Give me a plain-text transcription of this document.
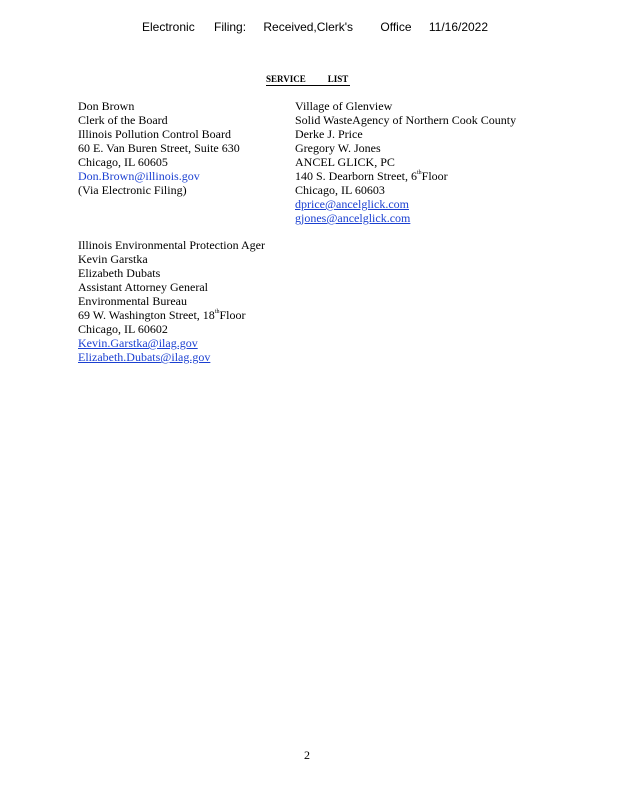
Electronic Filing: Received,Clerk's Office 11/16/2022
SERVICE LIST
Don Brown
Clerk of the Board
Illinois Pollution Control Board
60 E. Van Buren Street, Suite 630
Chicago, IL 60605
Don.Brown@illinois.gov
(Via Electronic Filing)
Village of Glenview
Solid WasteAgency of Northern Cook County
Derke J. Price
Gregory W. Jones
ANCEL GLICK, PC
140 S. Dearborn Street, 6thFloor
Chicago, IL 60603
dprice@ancelglick.com
gjones@ancelglick.com
Illinois Environmental Protection Ager
Kevin Garstka
Elizabeth Dubats
Assistant Attorney General
Environmental Bureau
69 W. Washington Street, 18thFloor
Chicago, IL 60602
Kevin.Garstka@ilag.gov
Elizabeth.Dubats@ilag.gov
2
